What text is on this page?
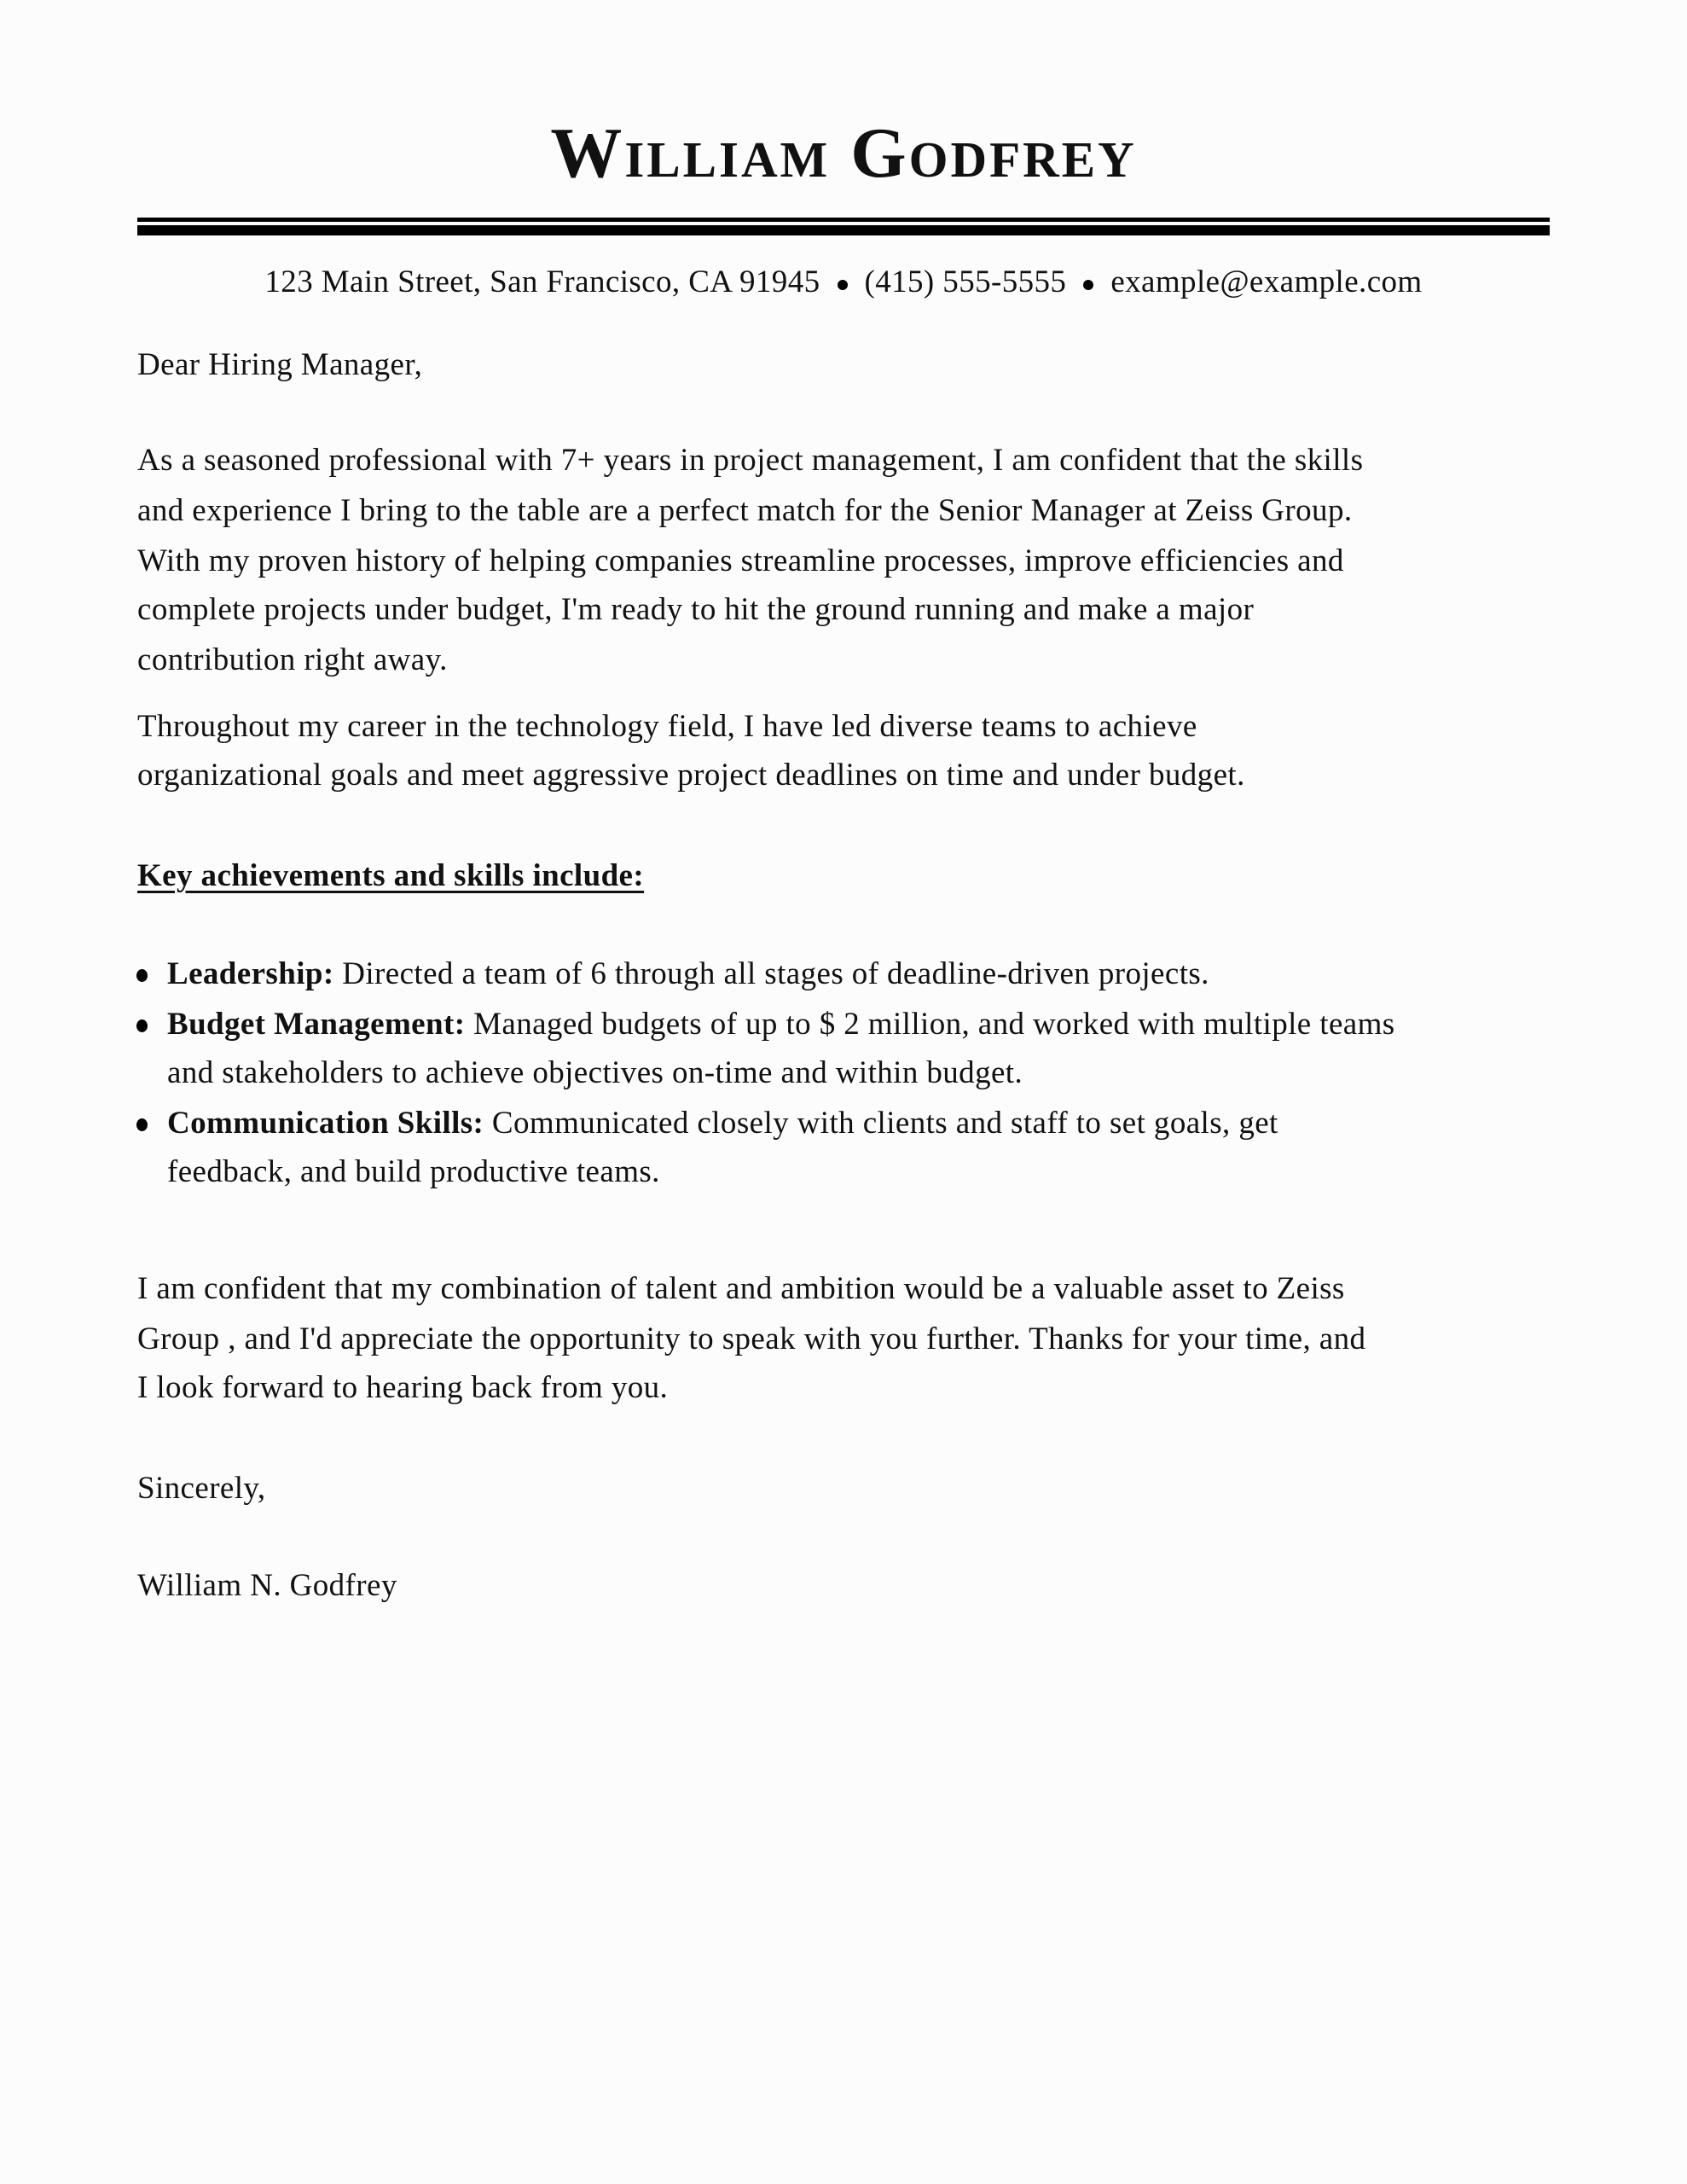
William Godfrey
123 Main Street, San Francisco, CA 91945 (415) 555-5555 example@example.com
Dear Hiring Manager,
As a seasoned professional with 7+ years in project management, I am confident that the skills
and experience I bring to the table are a perfect match for the Senior Manager at Zeiss Group.
With my proven history of helping companies streamline processes, improve efficiencies and
complete projects under budget, I'm ready to hit the ground running and make a major
contribution right away.
Throughout my career in the technology field, I have led diverse teams to achieve
organizational goals and meet aggressive project deadlines on time and under budget.
Key achievements and skills include:
Leadership: Directed a team of 6 through all stages of deadline-driven projects.
Budget Management: Managed budgets of up to $ 2 million, and worked with multiple teams
and stakeholders to achieve objectives on-time and within budget.
Communication Skills: Communicated closely with clients and staff to set goals, get
feedback, and build productive teams.
I am confident that my combination of talent and ambition would be a valuable asset to Zeiss
Group , and I'd appreciate the opportunity to speak with you further. Thanks for your time, and
I look forward to hearing back from you.
Sincerely,
William N. Godfrey
